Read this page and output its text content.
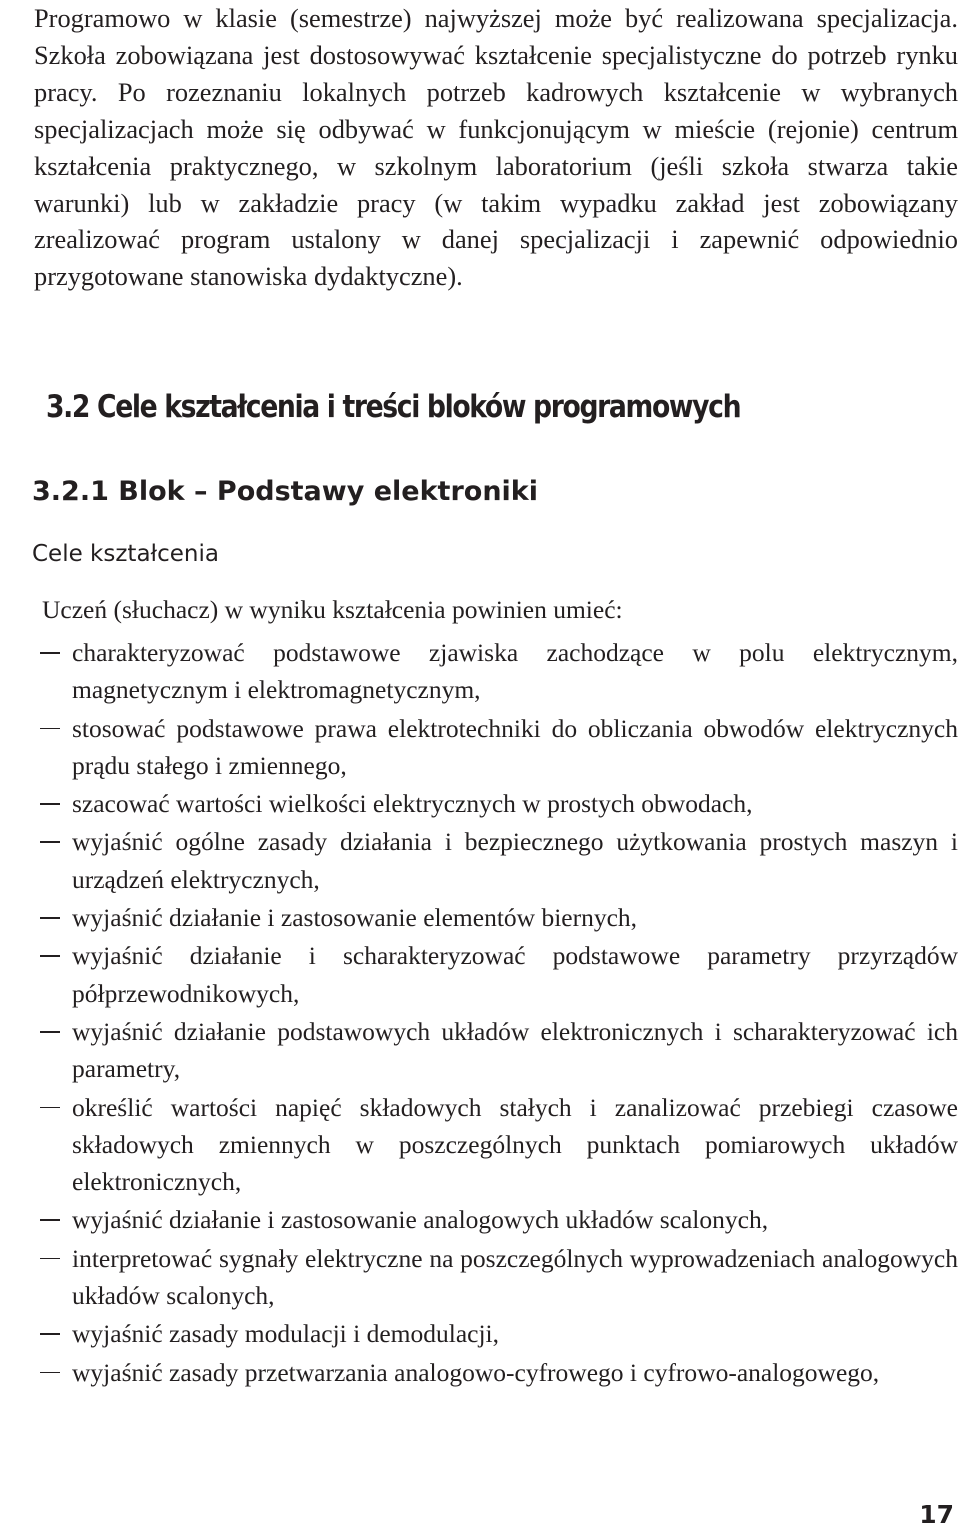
Programowo w klasie (semestrze) najwyższej może być realizowana specjalizacja. Szkoła zobowiązana jest dostosowywać kształcenie specjalistyczne do potrzeb rynku pracy. Po rozeznaniu lokalnych potrzeb kadrowych kształcenie w wybranych specjalizacjach może się odbywać w funkcjonującym w mieście (rejonie) centrum kształcenia praktycznego, w szkolnym laboratorium (jeśli szkoła stwarza takie warunki) lub w zakładzie pracy (w takim wypadku zakład jest zobowiązany zrealizować program ustalony w danej specjalizacji i zapewnić odpowiednio przygotowane stanowiska dydaktyczne).

3.2 Cele kształcenia i treści bloków programowych
3.2.1 Blok – Podstawy elektroniki
Cele kształcenia

Uczeń (słuchacz) w wyniku kształcenia powinien umieć:

charakteryzować podstawowe zjawiska zachodzące w polu elektrycznym, magnetycznym i elektromagnetycznym,
stosować podstawowe prawa elektrotechniki do obliczania obwodów elektrycznych prądu stałego i zmiennego,
szacować wartości wielkości elektrycznych w prostych obwodach,
wyjaśnić ogólne zasady działania i bezpiecznego użytkowania prostych maszyn i urządzeń elektrycznych,
wyjaśnić działanie i zastosowanie elementów biernych,
wyjaśnić działanie i scharakteryzować podstawowe parametry przyrządów półprzewodnikowych,
wyjaśnić działanie podstawowych układów elektronicznych i scharakteryzować ich parametry,
określić wartości napięć składowych stałych i zanalizować przebiegi czasowe składowych zmiennych w poszczególnych punktach pomiarowych układów elektronicznych,
wyjaśnić działanie i zastosowanie analogowych układów scalonych,
interpretować sygnały elektryczne na poszczególnych wyprowadzeniach analogowych układów scalonych,
wyjaśnić zasady modulacji i demodulacji,
wyjaśnić zasady przetwarzania analogowo-cyfrowego i cyfrowo-analogowego,

17
